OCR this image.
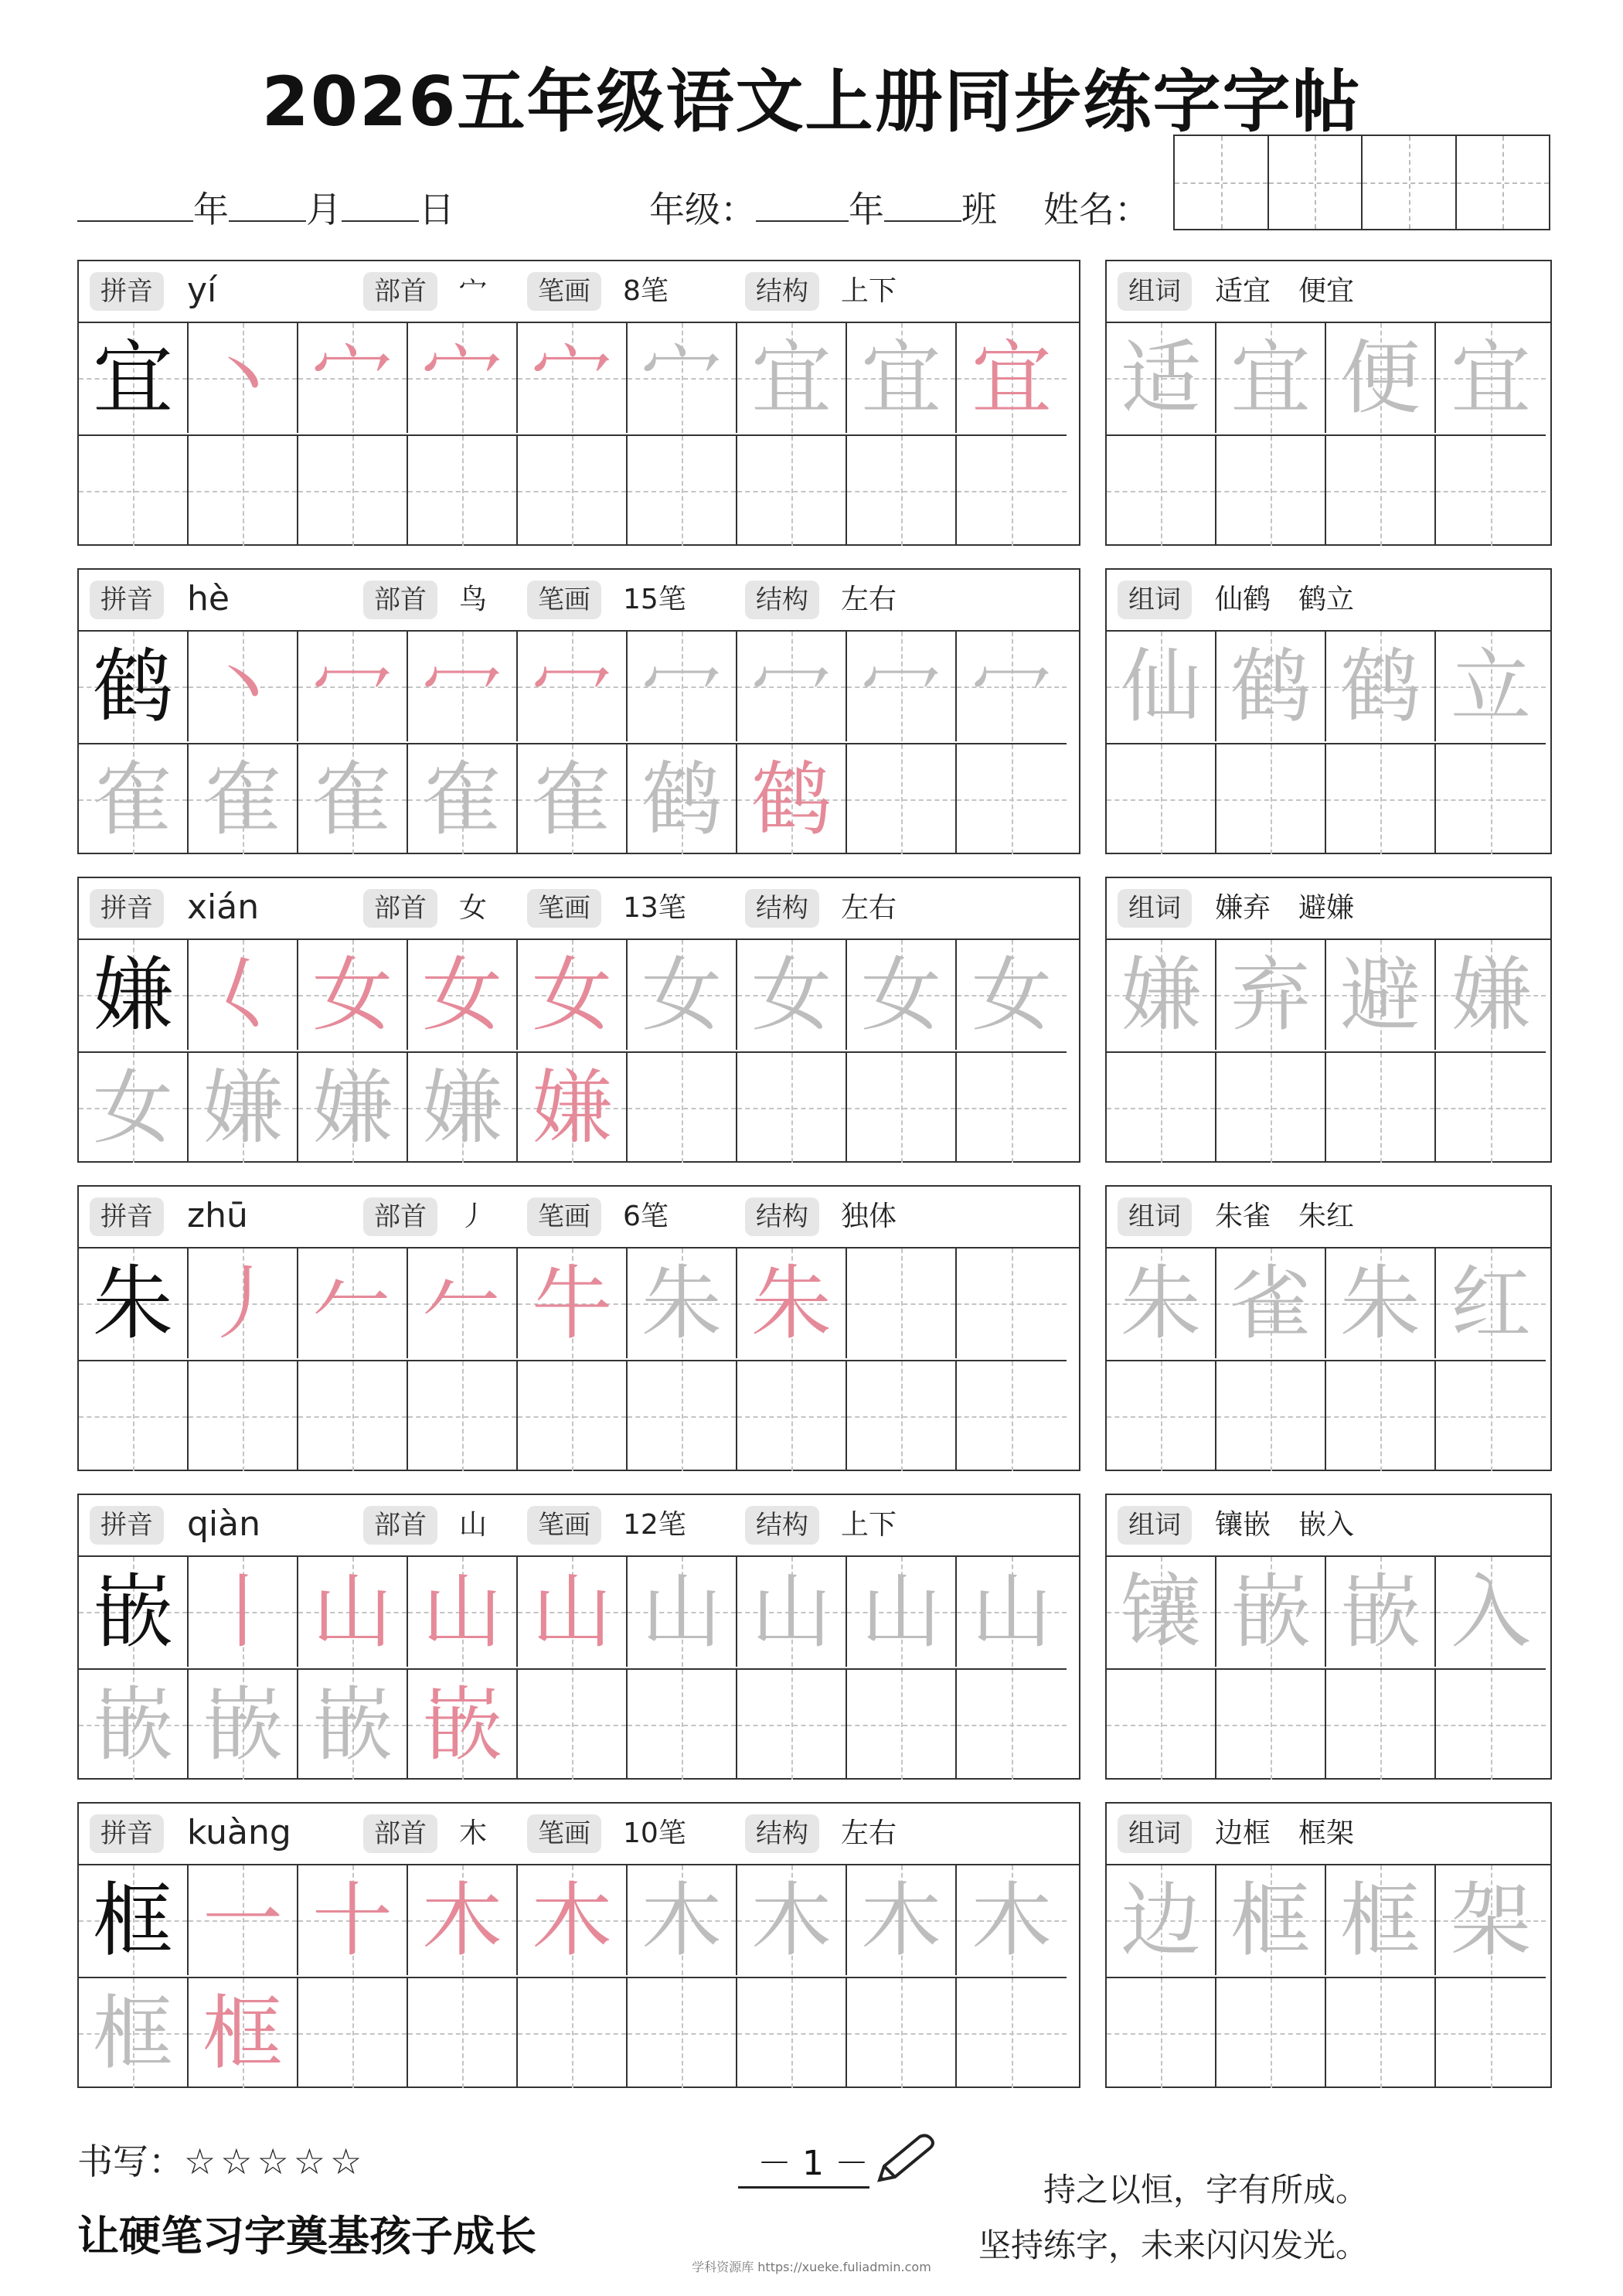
2026五年级语文上册同步练字字帖
年 月 日	年级：	年 班 姓名：
拼音	yí	部首	宀	笔画	8笔	结构	上下
宜 丶 宀 宀 宀 宀 宜 宜 宜
组词	适宜　便宜
适 宜 便 宜
拼音	hè	部首	鸟	笔画	15笔	结构	左右
鹤 丶 冖 冖 冖 冖 冖 冖 冖
隺 隺 隺 隺 隺 鹤 鹤
组词	仙鹤　鹤立
仙 鹤 鹤 立
拼音	xián	部首	女	笔画	13笔	结构	左右
嫌 𡿨 女 女 女 女 女 女 女
女 嫌 嫌 嫌 嫌
组词	嫌弃　避嫌
嫌 弃 避 嫌
拼音	zhū	部首	丿	笔画	6笔	结构	独体
朱 丿 𠂉 𠂉 牛 朱 朱
组词	朱雀　朱红
朱 雀 朱 红
拼音	qiàn	部首	山	笔画	12笔	结构	上下
嵌 丨 山 山 山 山 山 山 山
嵌 嵌 嵌 嵌
组词	镶嵌　嵌入
镶 嵌 嵌 入
拼音	kuàng	部首	木	笔画	10笔	结构	左右
框 一 十 木 木 木 木 木 木
框 框
组词	边框　框架
边 框 框 架
书写：☆☆☆☆☆
让硬笔习字奠基孩子成长
－ 1 －
持之以恒，字有所成。
坚持练字，未来闪闪发光。
学科资源库 https://xueke.fuliadmin.com
